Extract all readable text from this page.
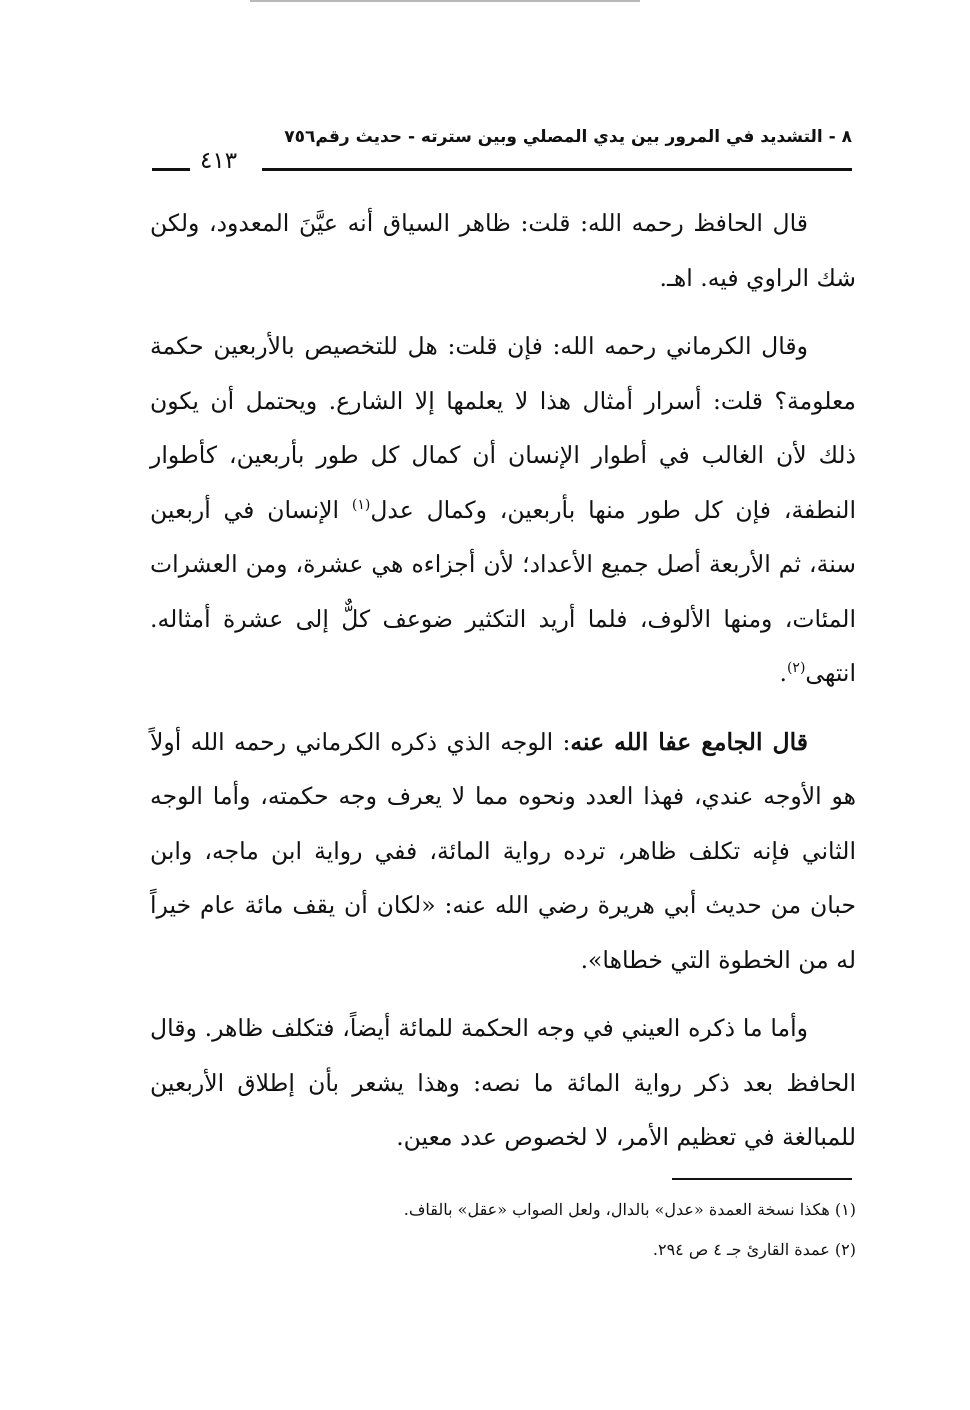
٨ - التشديد في المرور بين يدي المصلي وبين سترته - حديث رقم٧٥٦
٤١٣

قال الحافظ رحمه الله: قلت: ظاهر السياق أنه عيَّنَ المعدود، ولكن شك الراوي فيه. اهـ.

وقال الكرماني رحمه الله: فإن قلت: هل للتخصيص بالأربعين حكمة معلومة؟ قلت: أسرار أمثال هذا لا يعلمها إلا الشارع. ويحتمل أن يكون ذلك لأن الغالب في أطوار الإنسان أن كمال كل طور بأربعين، كأطوار النطفة، فإن كل طور منها بأربعين، وكمال عدل$^{(١)}$ الإنسان في أربعين سنة، ثم الأربعة أصل جميع الأعداد؛ لأن أجزاءه هي عشرة، ومن العشرات المئات، ومنها الألوف، فلما أريد التكثير ضوعف كلٌّ إلى عشرة أمثاله. انتهى$^{(٢)}$.

قال الجامع عفا الله عنه: الوجه الذي ذكره الكرماني رحمه الله أولاً هو الأوجه عندي، فهذا العدد ونحوه مما لا يعرف وجه حكمته، وأما الوجه الثاني فإنه تكلف ظاهر، ترده رواية المائة، ففي رواية ابن ماجه، وابن حبان من حديث أبي هريرة رضي الله عنه: «لكان أن يقف مائة عام خيراً له من الخطوة التي خطاها».

وأما ما ذكره العيني في وجه الحكمة للمائة أيضاً، فتكلف ظاهر. وقال الحافظ بعد ذكر رواية المائة ما نصه: وهذا يشعر بأن إطلاق الأربعين للمبالغة في تعظيم الأمر، لا لخصوص عدد معين.

(١) هكذا نسخة العمدة «عدل» بالدال، ولعل الصواب «عقل» بالقاف.
(٢) عمدة القارئ جـ ٤ ص ٢٩٤.
